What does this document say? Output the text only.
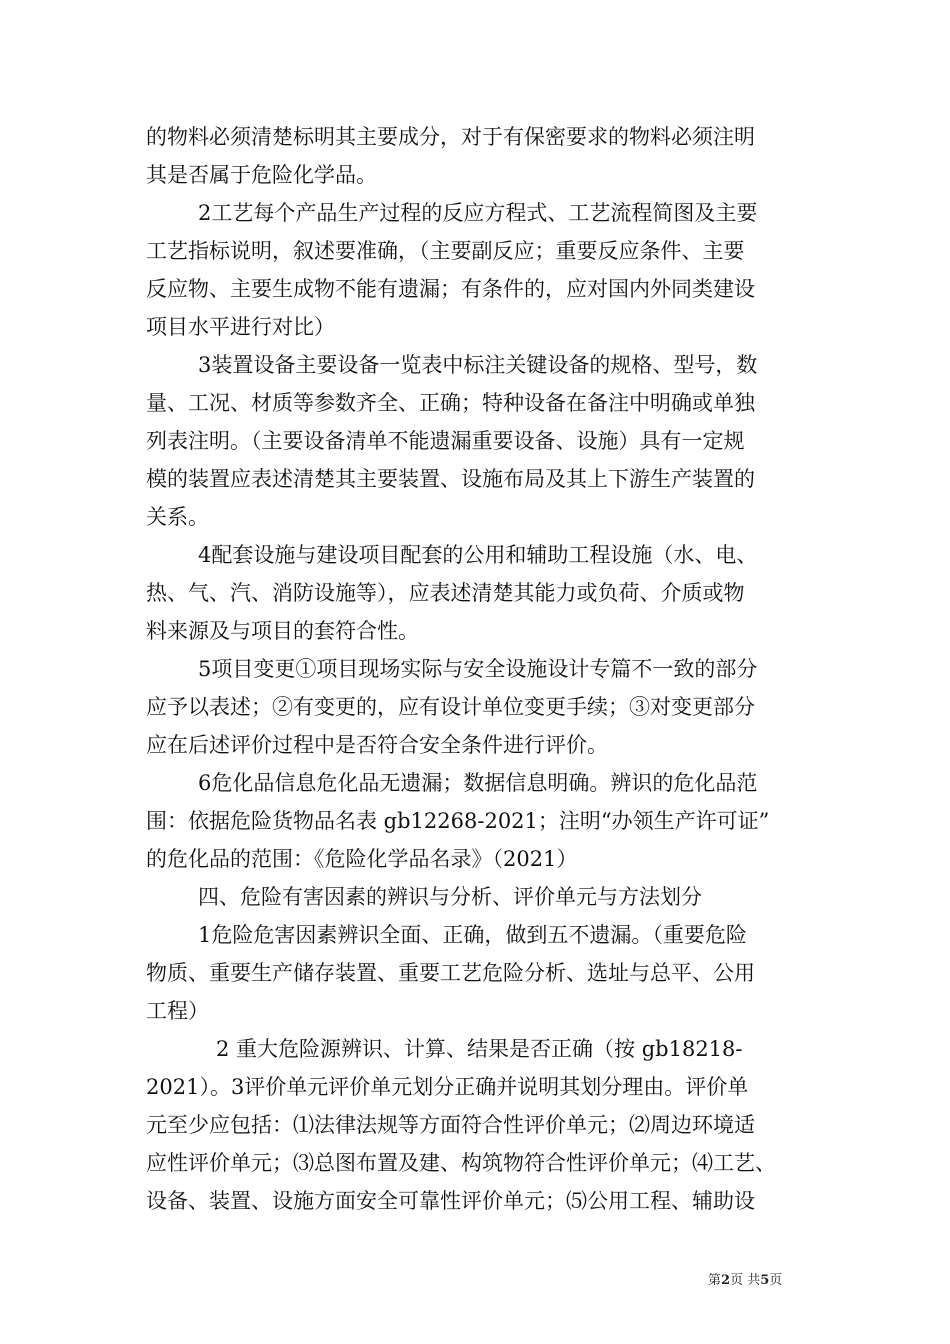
的物料必须清楚标明其主要成分，对于有保密要求的物料必须注明
其是否属于危险化学品。
2工艺每个产品生产过程的反应方程式、工艺流程简图及主要
工艺指标说明，叙述要准确，（主要副反应；重要反应条件、主要
反应物、主要生成物不能有遗漏；有条件的，应对国内外同类建设
项目水平进行对比）
3装置设备主要设备一览表中标注关键设备的规格、型号，数
量、工况、材质等参数齐全、正确；特种设备在备注中明确或单独
列表注明。（主要设备清单不能遗漏重要设备、设施）具有一定规
模的装置应表述清楚其主要装置、设施布局及其上下游生产装置的
关系。
4配套设施与建设项目配套的公用和辅助工程设施（水、电、
热、气、汽、消防设施等），应表述清楚其能力或负荷、介质或物
料来源及与项目的套符合性。
5项目变更①项目现场实际与安全设施设计专篇不一致的部分
应予以表述；②有变更的，应有设计单位变更手续；③对变更部分
应在后述评价过程中是否符合安全条件进行评价。
6危化品信息危化品无遗漏；数据信息明确。辨识的危化品范
围：依据危险货物品名表 gb12268-2021；注明“办领生产许可证”
的危化品的范围：《危险化学品名录》（2021）
四、危险有害因素的辨识与分析、评价单元与方法划分
1危险危害因素辨识全面、正确，做到五不遗漏。（重要危险
物质、重要生产储存装置、重要工艺危险分析、选址与总平、公用
工程）
2 重大危险源辨识、计算、结果是否正确（按 gb18218-
2021）。3评价单元评价单元划分正确并说明其划分理由。评价单
元至少应包括：⑴法律法规等方面符合性评价单元；⑵周边环境适
应性评价单元；⑶总图布置及建、构筑物符合性评价单元；⑷工艺、
设备、装置、设施方面安全可靠性评价单元；⑸公用工程、辅助设
第2页 共5页
